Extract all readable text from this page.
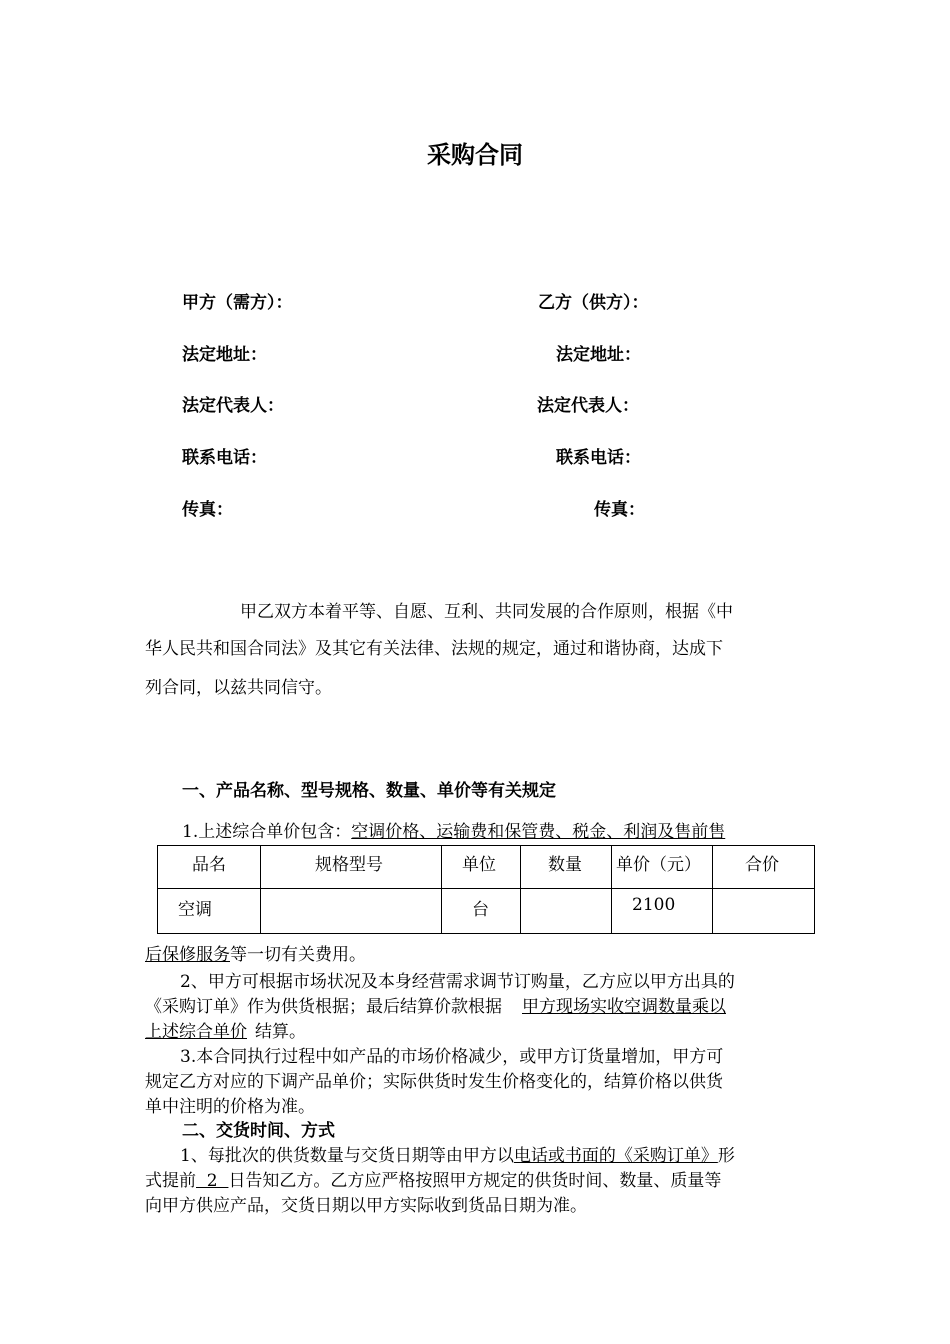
采购合同
甲方（需方）：
法定地址：
法定代表人：
联系电话：
传真：
乙方（供方）：
法定地址：
法定代表人：
联系电话：
传真：
甲乙双方本着平等、自愿、互利、共同发展的合作原则，根据《中
华人民共和国合同法》及其它有关法律、法规的规定，通过和谐协商，达成下
列合同，以兹共同信守。
一、产品名称、型号规格、数量、单价等有关规定
1.上述综合单价包含：空调价格、运输费和保管费、税金、利润及售前售
品名	规格型号	单位	数量	单价（元）	合价

空调		台		2100	

后保修服务等一切有关费用。
2、甲方可根据市场状况及本身经营需求调节订购量，乙方应以甲方出具的
《采购订单》作为供货根据；最后结算价款根据 甲方现场实收空调数量乘以
上述综合单价 结算。
3.本合同执行过程中如产品的市场价格减少，或甲方订货量增加，甲方可
规定乙方对应的下调产品单价；实际供货时发生价格变化的，结算价格以供货
单中注明的价格为准。
二、交货时间、方式
1、每批次的供货数量与交货日期等由甲方以电话或书面的《采购订单》形
式提前  2  日告知乙方。乙方应严格按照甲方规定的供货时间、数量、质量等
向甲方供应产品，交货日期以甲方实际收到货品日期为准。
